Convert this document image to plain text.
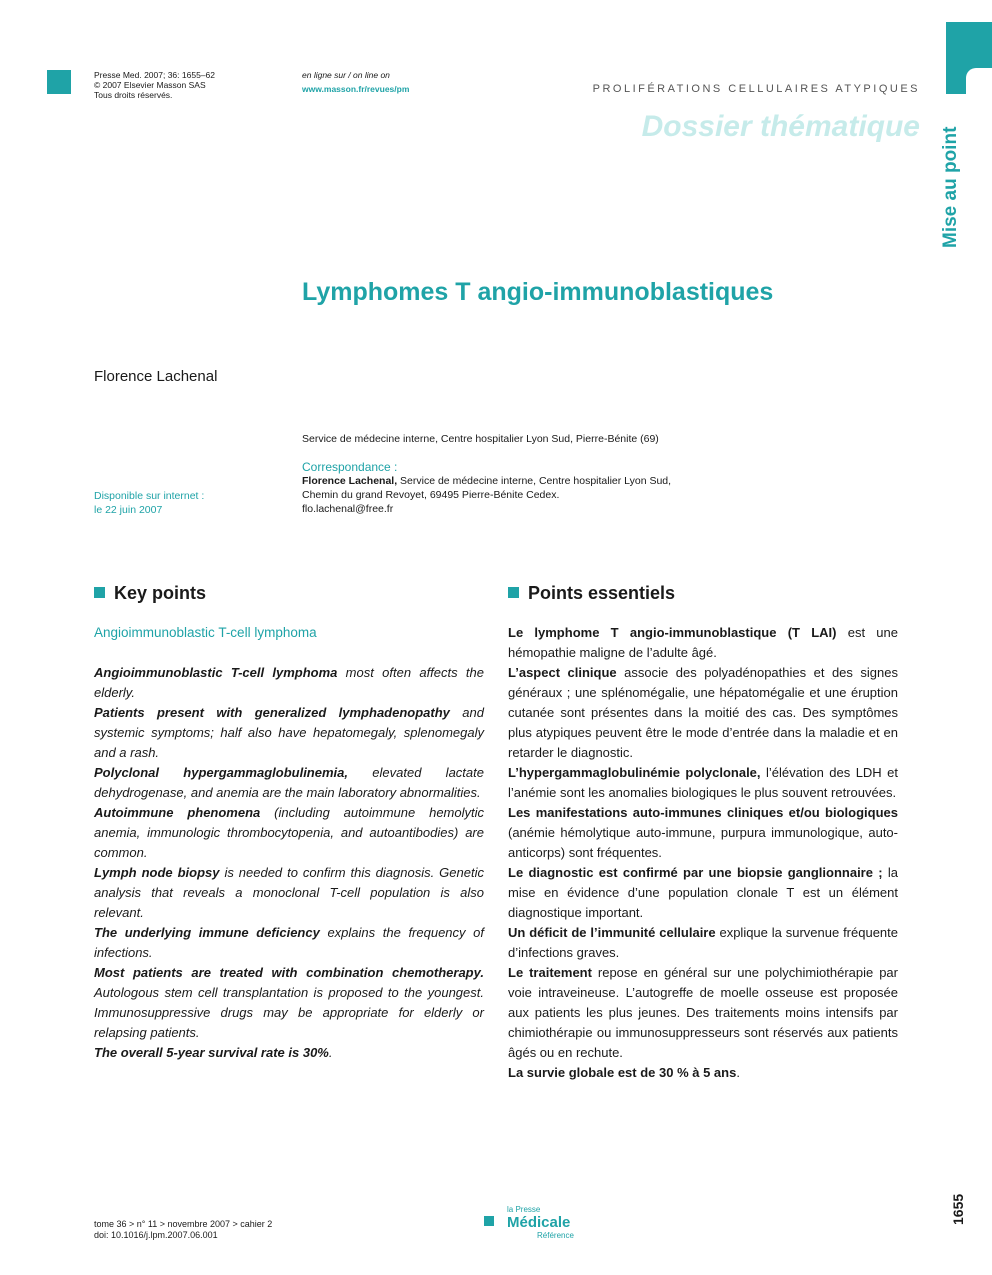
Presse Med. 2007; 36: 1655–62
© 2007 Elsevier Masson SAS
Tous droits réservés.
en ligne sur / on line on
www.masson.fr/revues/pm	PROLIFÉRATIONS CELLULAIRES ATYPIQUES
Dossier thématique
Mise au point
Lymphomes T angio-immunoblastiques
Florence Lachenal
Service de médecine interne, Centre hospitalier Lyon Sud, Pierre-Bénite (69)
Correspondance :
Florence Lachenal, Service de médecine interne, Centre hospitalier Lyon Sud,
Chemin du grand Revoyet, 69495 Pierre-Bénite Cedex.
flo.lachenal@free.fr
Disponible sur internet :
le 22 juin 2007
Key points
Angioimmunoblastic T-cell lymphoma

Angioimmunoblastic T-cell lymphoma most often affects the elderly.

Patients present with generalized lymphadenopathy and systemic symptoms; half also have hepatomegaly, splenomegaly and a rash.

Polyclonal hypergammaglobulinemia, elevated lactate dehydrogenase, and anemia are the main laboratory abnormalities.

Autoimmune phenomena (including autoimmune hemolytic anemia, immunologic thrombocytopenia, and autoantibodies) are common.

Lymph node biopsy is needed to confirm this diagnosis. Genetic analysis that reveals a monoclonal T-cell population is also relevant.

The underlying immune deficiency explains the frequency of infections.

Most patients are treated with combination chemotherapy. Autologous stem cell transplantation is proposed to the youngest. Immunosuppressive drugs may be appropriate for elderly or relapsing patients.

The overall 5-year survival rate is 30%.

Points essentiels

Le lymphome T angio-immunoblastique (T LAI) est une hémopathie maligne de l’adulte âgé.

L’aspect clinique associe des polyadénopathies et des signes généraux ; une splénomégalie, une hépatomégalie et une éruption cutanée sont présentes dans la moitié des cas. Des symptômes plus atypiques peuvent être le mode d’entrée dans la maladie et en retarder le diagnostic.

L’hypergammaglobulinémie polyclonale, l’élévation des LDH et l’anémie sont les anomalies biologiques le plus souvent retrouvées.

Les manifestations auto-immunes cliniques et/ou biologiques (anémie hémolytique auto-immune, purpura immunologique, auto-anticorps) sont fréquentes.

Le diagnostic est confirmé par une biopsie ganglionnaire ; la mise en évidence d’une population clonale T est un élément diagnostique important.

Un déficit de l’immunité cellulaire explique la survenue fréquente d’infections graves.

Le traitement repose en général sur une polychimiothérapie par voie intraveineuse. L’autogreffe de moelle osseuse est proposée aux patients les plus jeunes. Des traitements moins intensifs par chimiothérapie ou immunosuppresseurs sont réservés aux patients âgés ou en rechute.

La survie globale est de 30 % à 5 ans.

tome 36 > n° 11 > novembre 2007 > cahier 2
doi: 10.1016/j.lpm.2007.06.001
la Presse
Médicale
Référence
1655
